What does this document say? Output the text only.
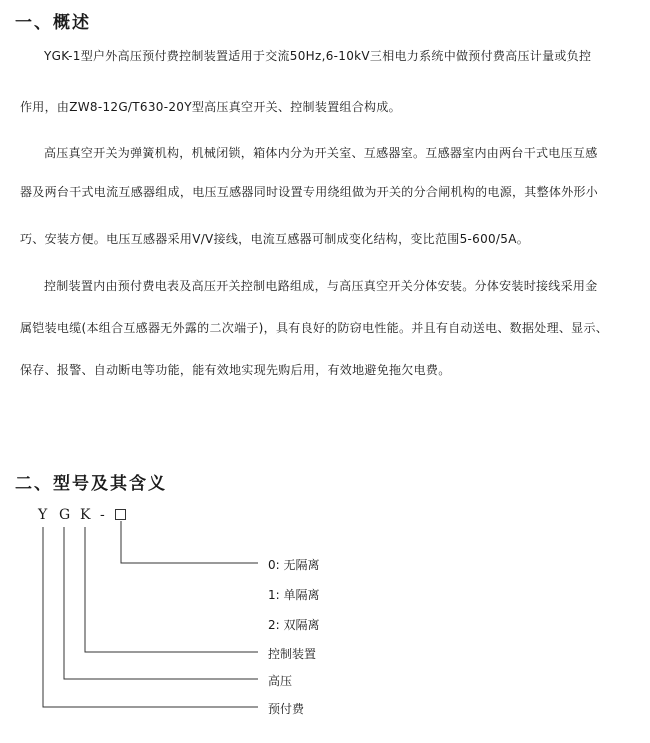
一、概述

YGK-1型户外高压预付费控制装置适用于交流50Hz,6-10kV三相电力系统中做预付费高压计量或负控

作用，由ZW8-12G/T630-20Y型高压真空开关、控制装置组合构成。

高压真空开关为弹簧机构，机械闭锁，箱体内分为开关室、互感器室。互感器室内由两台干式电压互感

器及两台干式电流互感器组成，电压互感器同时设置专用绕组做为开关的分合闸机构的电源，其整体外形小

巧、安装方便。电压互感器采用V/V接线，电流互感器可制成变化结构，变比范围5-600/5A。

控制装置内由预付费电表及高压开关控制电路组成，与高压真空开关分体安装。分体安装时接线采用金

属铠装电缆(本组合互感器无外露的二次端子)，具有良好的防窃电性能。并且有自动送电、数据处理、显示、

保存、报警、自动断电等功能，能有效地实现先购后用，有效地避免拖欠电费。

二、型号及其含义
Y G K -
0: 无隔离
1: 单隔离
2: 双隔离
控制装置
高压
预付费
